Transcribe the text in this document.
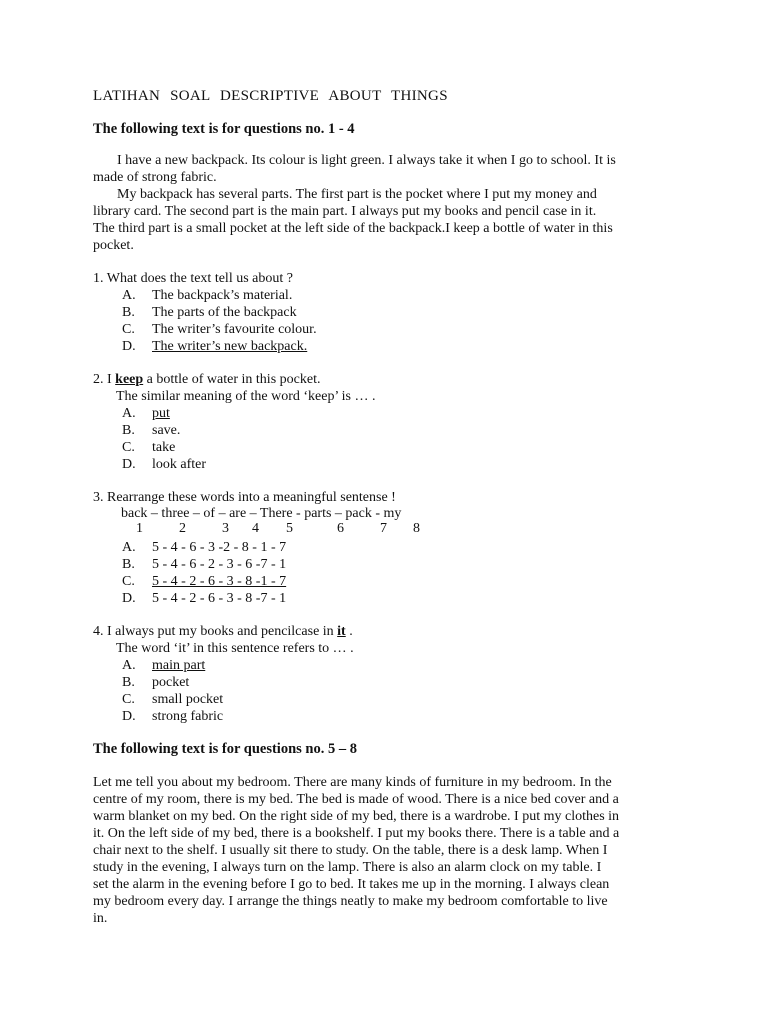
LATIHAN SOAL DESCRIPTIVE ABOUT THINGS
The following text is for questions no. 1 - 4
I have a new backpack. Its colour is light green. I always take it when I go to school. It is
made of strong fabric.
My backpack has several parts. The first part is the pocket where I put my money and
library card. The second part is the main part. I always put my books and pencil case in it.
The third part is a small pocket at the left side of the backpack.I keep a bottle of water in this
pocket.
1. What does the text tell us about ?
A. The backpack’s material.
B. The parts of the backpack
C. The writer’s favourite colour.
D. The writer’s new backpack.
2. I keep a bottle of water in this pocket.
The similar meaning of the word ‘keep’ is … .
A. put
B. save.
C. take
D. look after
3. Rearrange these words into a meaningful sentense !
back – three – of – are – There - parts – pack - my
1	2	3 4 5	6	7 8
A. 5 - 4 - 6 - 3 -2 - 8 - 1 - 7
B. 5 - 4 - 6 - 2 - 3 - 6 -7 - 1
C. 5 - 4 - 2 - 6 - 3 - 8 -1 - 7
D. 5 - 4 - 2 - 6 - 3 - 8 -7 - 1
4. I always put my books and pencilcase in it .
The word ‘it’ in this sentence refers to … .
A. main part
B. pocket
C. small pocket
D. strong fabric
The following text is for questions no. 5 – 8
Let me tell you about my bedroom. There are many kinds of furniture in my bedroom. In the
centre of my room, there is my bed. The bed is made of wood. There is a nice bed cover and a
warm blanket on my bed. On the right side of my bed, there is a wardrobe. I put my clothes in
it. On the left side of my bed, there is a bookshelf. I put my books there. There is a table and a
chair next to the shelf. I usually sit there to study. On the table, there is a desk lamp. When I
study in the evening, I always turn on the lamp. There is also an alarm clock on my table. I
set the alarm in the evening before I go to bed. It takes me up in the morning. I always clean
my bedroom every day. I arrange the things neatly to make my bedroom comfortable to live
in.
